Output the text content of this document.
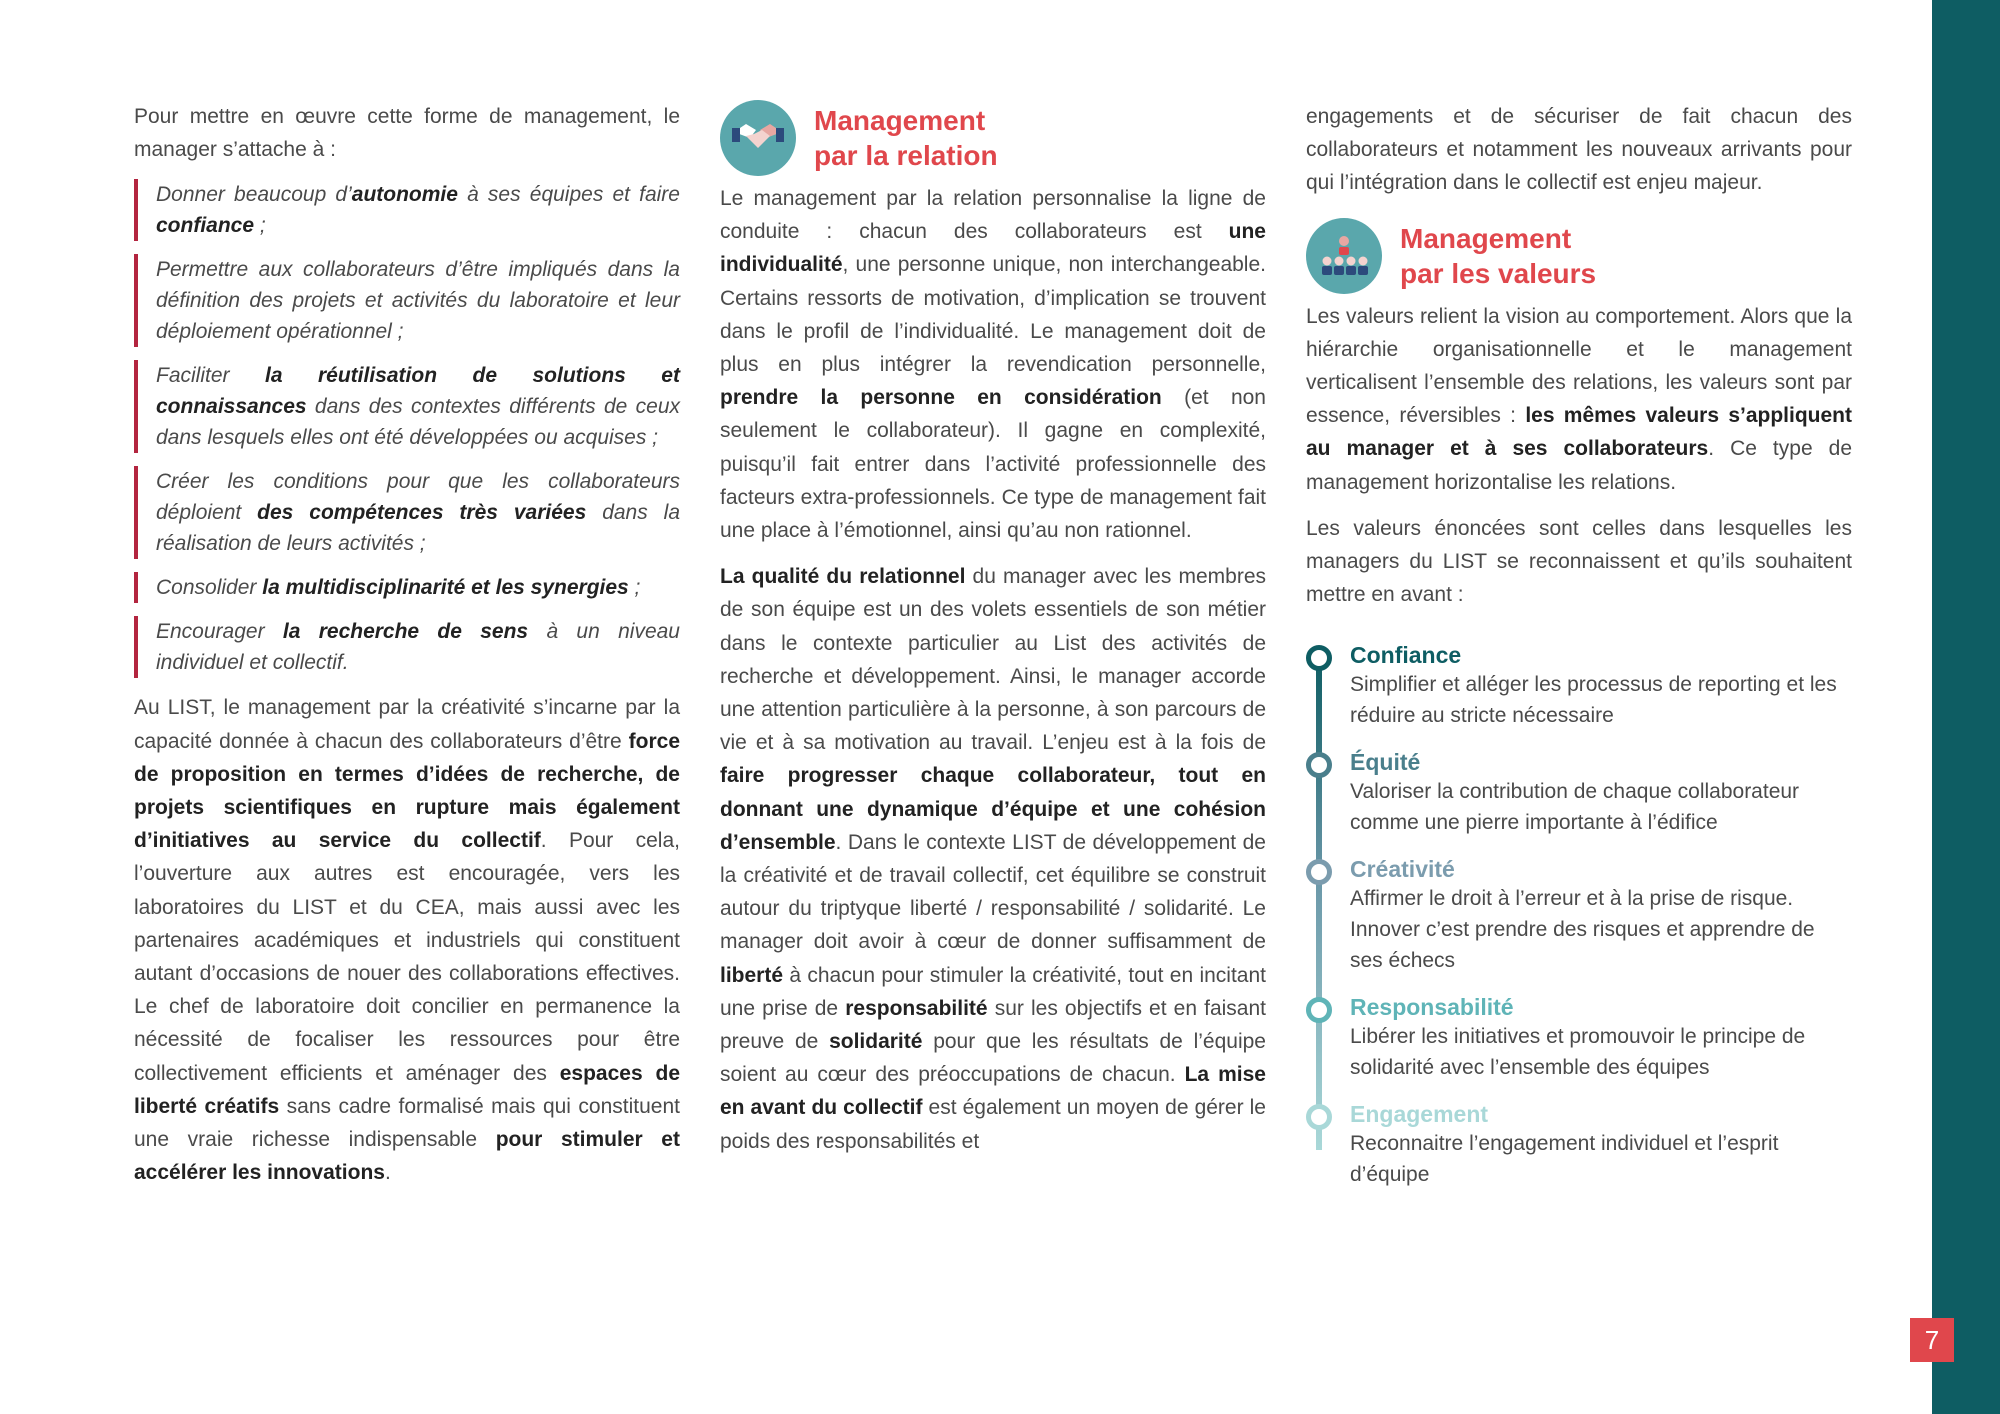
7

Pour mettre en œuvre cette forme de management, le manager s’attache à :

Donner beaucoup d’autonomie à ses équipes et faire confiance ;
Permettre aux collaborateurs d’être impliqués dans la définition des projets et activités du laboratoire et leur déploiement opérationnel ;
Faciliter la réutilisation de solutions et connaissances dans des contextes différents de ceux dans lesquels elles ont été développées ou acquises ;
Créer les conditions pour que les collaborateurs déploient des compétences très variées dans la réalisation de leurs activités ;
Consolider la multidisciplinarité et les synergies ;
Encourager la recherche de sens à un niveau individuel et collectif.

Au LIST, le management par la créativité s’incarne par la capacité donnée à chacun des collaborateurs d’être force de proposition en termes d’idées de recherche, de projets scientifiques en rupture mais également d’initiatives au service du collectif. Pour cela, l’ouverture aux autres est encouragée, vers les laboratoires du LIST et du CEA, mais aussi avec les partenaires académiques et industriels qui constituent autant d’occasions de nouer des collaborations effectives. Le chef de laboratoire doit concilier en permanence la nécessité de focaliser les ressources pour être collectivement efficients et aménager des espaces de liberté créatifs sans cadre formalisé mais qui constituent une vraie richesse indispensable pour stimuler et accélérer les innovations.

Management
par la relation

Le management par la relation personnalise la ligne de conduite : chacun des collaborateurs est une individualité, une personne unique, non interchangeable. Certains ressorts de motivation, d’implication se trouvent dans le profil de l’individualité. Le management doit de plus en plus intégrer la revendication personnelle, prendre la personne en considération (et non seulement le collaborateur). Il gagne en complexité, puisqu’il fait entrer dans l’activité professionnelle des facteurs extra-professionnels. Ce type de management fait une place à l’émotionnel, ainsi qu’au non rationnel.

La qualité du relationnel du manager avec les membres de son équipe est un des volets essentiels de son métier dans le contexte particulier au List des activités de recherche et développement. Ainsi, le manager accorde une attention particulière à la personne, à son parcours de vie et à sa motivation au travail. L’enjeu est à la fois de faire progresser chaque collaborateur, tout en donnant une dynamique d’équipe et une cohésion d’ensemble. Dans le contexte LIST de développement de la créativité et de travail collectif, cet équilibre se construit autour du triptyque liberté / responsabilité / solidarité. Le manager doit avoir à cœur de donner suffisamment de liberté à chacun pour stimuler la créativité, tout en incitant une prise de responsabilité sur les objectifs et en faisant preuve de solidarité pour que les résultats de l’équipe soient au cœur des préoccupations de chacun. La mise en avant du collectif est également un moyen de gérer le poids des responsabilités et

engagements et de sécuriser de fait chacun des collaborateurs et notamment les nouveaux arrivants pour qui l’intégration dans le collectif est enjeu majeur.

Management
par les valeurs

Les valeurs relient la vision au comportement. Alors que la hiérarchie organisationnelle et le management verticalisent l’ensemble des relations, les valeurs sont par essence, réversibles : les mêmes valeurs s’appliquent au manager et à ses collaborateurs. Ce type de management horizontalise les relations.

Les valeurs énoncées sont celles dans lesquelles les managers du LIST se reconnaissent et qu’ils souhaitent mettre en avant :

Confiance
Simplifier et alléger les processus de reporting et les réduire au stricte nécessaire
Équité
Valoriser la contribution de chaque collaborateur comme une pierre importante à l’édifice
Créativité
Affirmer le droit à l’erreur et à la prise de risque. Innover c’est prendre des risques et apprendre de ses échecs
Responsabilité
Libérer les initiatives et promouvoir le principe de solidarité avec l’ensemble des équipes
Engagement
Reconnaitre l’engagement individuel et l’esprit d’équipe
